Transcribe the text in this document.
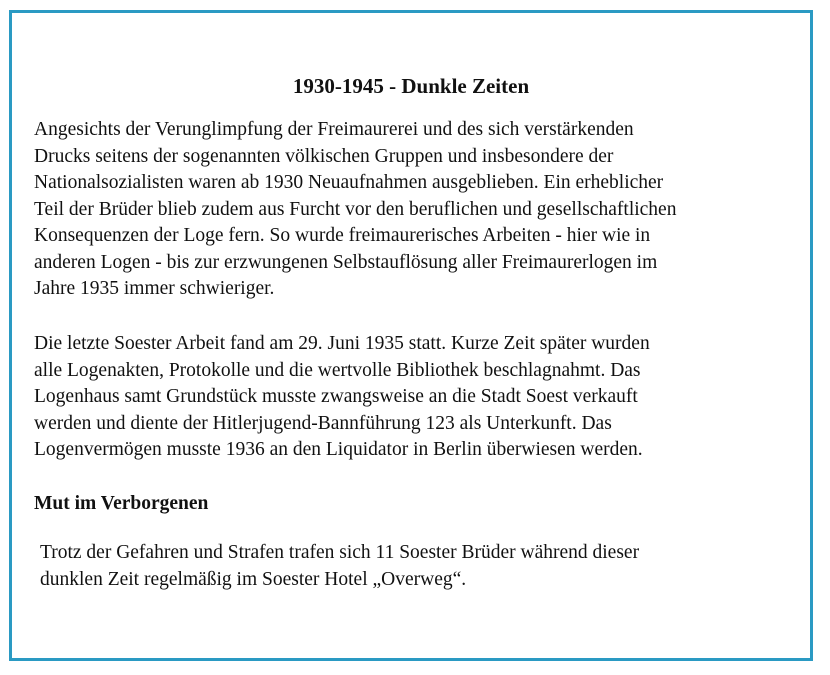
1930-1945 - Dunkle Zeiten

Angesichts der Verunglimpfung der Freimaurerei und des sich verstärkenden
Drucks seitens der sogenannten völkischen Gruppen und insbesondere der
Nationalsozialisten waren ab 1930 Neuaufnahmen ausgeblieben. Ein erheblicher
Teil der Brüder blieb zudem aus Furcht vor den beruflichen und gesellschaftlichen
Konsequenzen der Loge fern. So wurde freimaurerisches Arbeiten - hier wie in
anderen Logen - bis zur erzwungenen Selbstauflösung aller Freimaurerlogen im
Jahre 1935 immer schwieriger.

Die letzte Soester Arbeit fand am 29. Juni 1935 statt. Kurze Zeit später wurden
alle Logenakten, Protokolle und die wertvolle Bibliothek beschlagnahmt. Das
Logenhaus samt Grundstück musste zwangsweise an die Stadt Soest verkauft
werden und diente der Hitlerjugend-Bannführung 123 als Unterkunft. Das
Logenvermögen musste 1936 an den Liquidator in Berlin überwiesen werden.

Mut im Verborgenen

Trotz der Gefahren und Strafen trafen sich 11 Soester Brüder während dieser
dunklen Zeit regelmäßig im Soester Hotel „Overweg“.
